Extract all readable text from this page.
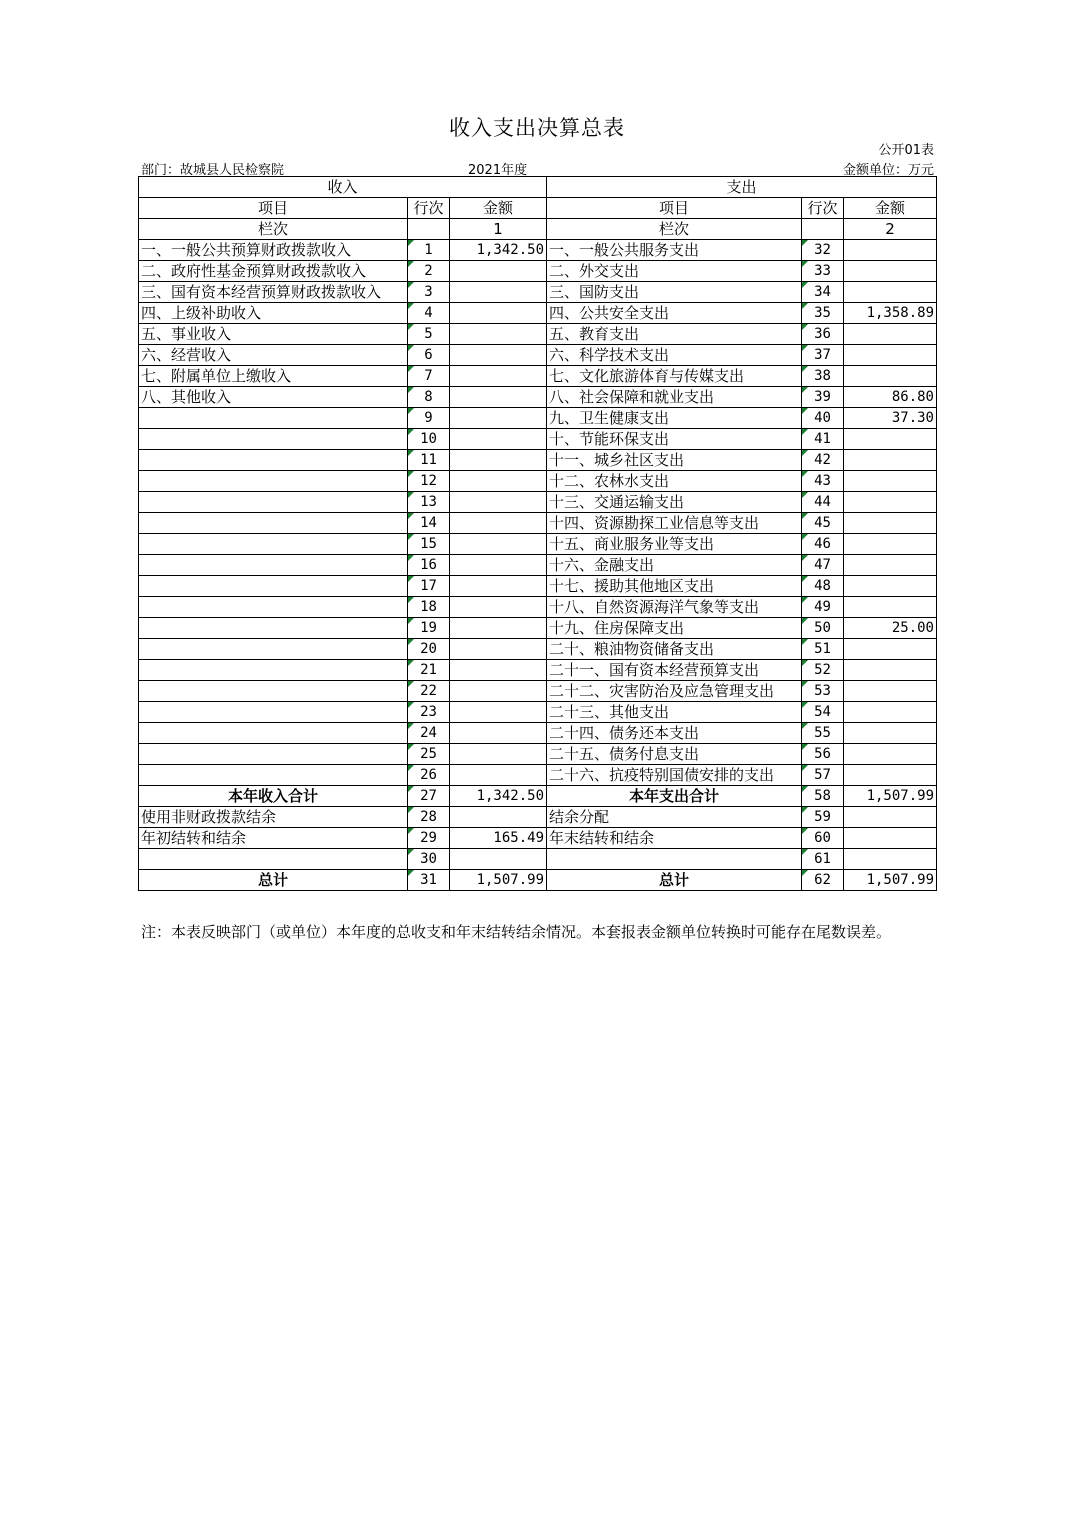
收入支出决算总表
公开01表
部门：故城县人民检察院	2021年度	金额单位：万元
收入			支出		
项目	行次	金额	项目	行次	金额
栏次		1	栏次		2
一、一般公共预算财政拨款收入	1	1,342.50	一、一般公共服务支出	32	
二、政府性基金预算财政拨款收入	2		二、外交支出	33	
三、国有资本经营预算财政拨款收入	3		三、国防支出	34	
四、上级补助收入	4		四、公共安全支出	35	1,358.89
五、事业收入	5		五、教育支出	36	
六、经营收入	6		六、科学技术支出	37	
七、附属单位上缴收入	7		七、文化旅游体育与传媒支出	38	
八、其他收入	8		八、社会保障和就业支出	39	86.80
	9		九、卫生健康支出	40	37.30
	10		十、节能环保支出	41	
	11		十一、城乡社区支出	42	
	12		十二、农林水支出	43	
	13		十三、交通运输支出	44	
	14		十四、资源勘探工业信息等支出	45	
	15		十五、商业服务业等支出	46	
	16		十六、金融支出	47	
	17		十七、援助其他地区支出	48	
	18		十八、自然资源海洋气象等支出	49	
	19		十九、住房保障支出	50	25.00
	20		二十、粮油物资储备支出	51	
	21		二十一、国有资本经营预算支出	52	
	22		二十二、灾害防治及应急管理支出	53	
	23		二十三、其他支出	54	
	24		二十四、债务还本支出	55	
	25		二十五、债务付息支出	56	
	26		二十六、抗疫特别国债安排的支出	57	
本年收入合计	27	1,342.50	本年支出合计	58	1,507.99
使用非财政拨款结余	28		结余分配	59	
年初结转和结余	29	165.49	年末结转和结余	60	
	30			61	
总计	31	1,507.99	总计	62	1,507.99
注：本表反映部门（或单位）本年度的总收支和年末结转结余情况。本套报表金额单位转换时可能存在尾数误差。
